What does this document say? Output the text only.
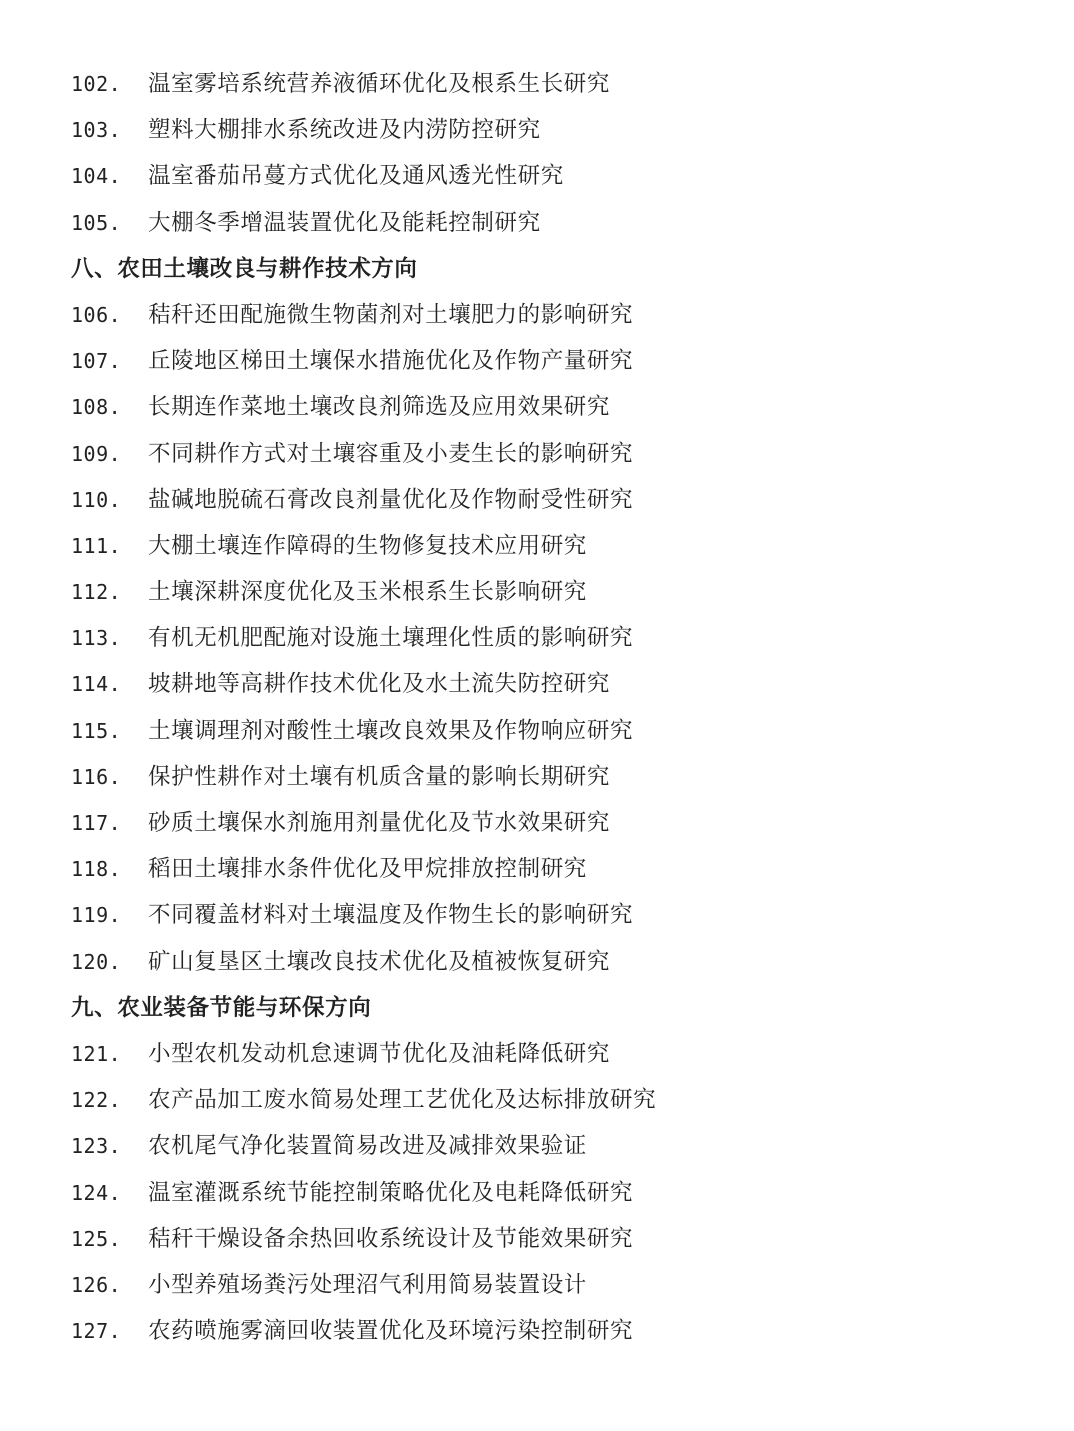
102. 温室雾培系统营养液循环优化及根系生长研究
103. 塑料大棚排水系统改进及内涝防控研究
104. 温室番茄吊蔓方式优化及通风透光性研究
105. 大棚冬季增温装置优化及能耗控制研究
八、农田土壤改良与耕作技术方向
106. 秸秆还田配施微生物菌剂对土壤肥力的影响研究
107. 丘陵地区梯田土壤保水措施优化及作物产量研究
108. 长期连作菜地土壤改良剂筛选及应用效果研究
109. 不同耕作方式对土壤容重及小麦生长的影响研究
110. 盐碱地脱硫石膏改良剂量优化及作物耐受性研究
111. 大棚土壤连作障碍的生物修复技术应用研究
112. 土壤深耕深度优化及玉米根系生长影响研究
113. 有机无机肥配施对设施土壤理化性质的影响研究
114. 坡耕地等高耕作技术优化及水土流失防控研究
115. 土壤调理剂对酸性土壤改良效果及作物响应研究
116. 保护性耕作对土壤有机质含量的影响长期研究
117. 砂质土壤保水剂施用剂量优化及节水效果研究
118. 稻田土壤排水条件优化及甲烷排放控制研究
119. 不同覆盖材料对土壤温度及作物生长的影响研究
120. 矿山复垦区土壤改良技术优化及植被恢复研究
九、农业装备节能与环保方向
121. 小型农机发动机怠速调节优化及油耗降低研究
122. 农产品加工废水简易处理工艺优化及达标排放研究
123. 农机尾气净化装置简易改进及减排效果验证
124. 温室灌溉系统节能控制策略优化及电耗降低研究
125. 秸秆干燥设备余热回收系统设计及节能效果研究
126. 小型养殖场粪污处理沼气利用简易装置设计
127. 农药喷施雾滴回收装置优化及环境污染控制研究
